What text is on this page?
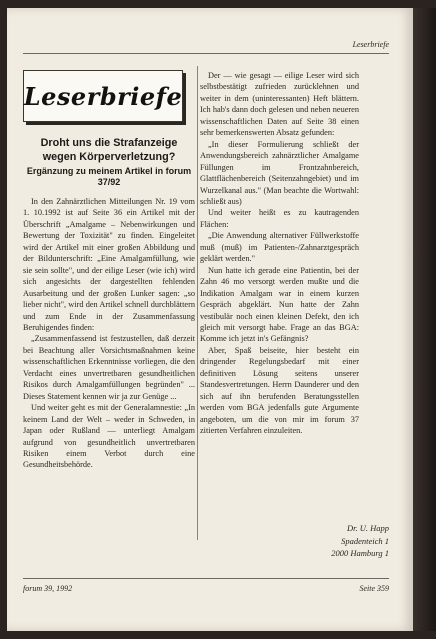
Leserbriefe
Leserbriefe
Droht uns die Strafanzeige wegen Körperverletzung?
Ergänzung zu meinem Artikel in forum 37/92

In den Zahnärztlichen Mitteilungen Nr. 19 vom 1. 10.1992 ist auf Seite 36 ein Artikel mit der Überschrift „Amalgame – Nebenwirkungen und Bewertung der Toxizität" zu finden. Eingeleitet wird der Artikel mit einer großen Abbildung und der Bildunterschrift: „Eine Amalgamfüllung, wie sie sein sollte", und der eilige Leser (wie ich) wird sich angesichts der dargestellten fehlenden Ausarbeitung und der großen Lunker sagen: „so lieber nicht", wird den Artikel schnell durchblättern und zum Ende in der Zusammenfassung Beruhigendes finden:

„Zusammenfassend ist festzustellen, daß derzeit bei Beachtung aller Vorsichtsmaßnahmen keine wissenschaftlichen Erkenntnisse vorliegen, die den Verdacht eines unvertretbaren gesundheitlichen Risikos durch Amalgamfüllungen begründen" ... Dieses Statement kennen wir ja zur Genüge ...

Und weiter geht es mit der Generalamnestie: „In keinem Land der Welt – weder in Schweden, in Japan oder Rußland — unterliegt Amalgam aufgrund von gesundheitlich unvertretbaren Risiken einem Verbot durch eine Gesundheitsbehörde.

Der — wie gesagt — eilige Leser wird sich selbstbestätigt zufrieden zurücklehnen und weiter in dem (uninteressanten) Heft blättern. Ich hab's dann doch gelesen und neben neueren wissenschaftlichen Daten auf Seite 38 einen sehr bemerkenswerten Absatz gefunden:

„In dieser Formulierung schließt der Anwendungsbereich zahnärztlicher Amalgame Füllungen im Frontzahnbereich, Glattflächenbereich (Seitenzahngebiet) und im Wurzelkanal aus." (Man beachte die Wortwahl: schließt aus)

Und weiter heißt es zu kautragenden Flächen:

„Die Anwendung alternativer Füllwerkstoffe muß (muß) im Patienten-/Zahnarztgespräch geklärt werden."

Nun hatte ich gerade eine Patientin, bei der Zahn 46 mo versorgt werden mußte und die Indikation Amalgam war in einem kurzen Gespräch abgeklärt. Nun hatte der Zahn vestibulär noch einen kleinen Defekt, den ich gleich mit versorgt habe. Frage an das BGA: Komme ich jetzt in's Gefängnis?

Aber, Spaß beiseite, hier besteht ein dringender Regelungsbedarf mit einer definitiven Lösung seitens unserer Standesvertretungen. Herrn Daunderer und den sich auf ihn berufenden Beratungsstellen werden vom BGA jedenfalls gute Argumente angeboten, um die von mir im forum 37 zitierten Verfahren einzuleiten.

Dr. U. Happ
Spadenteich 1
2000 Hamburg 1
forum 39, 1992	Seite 359
